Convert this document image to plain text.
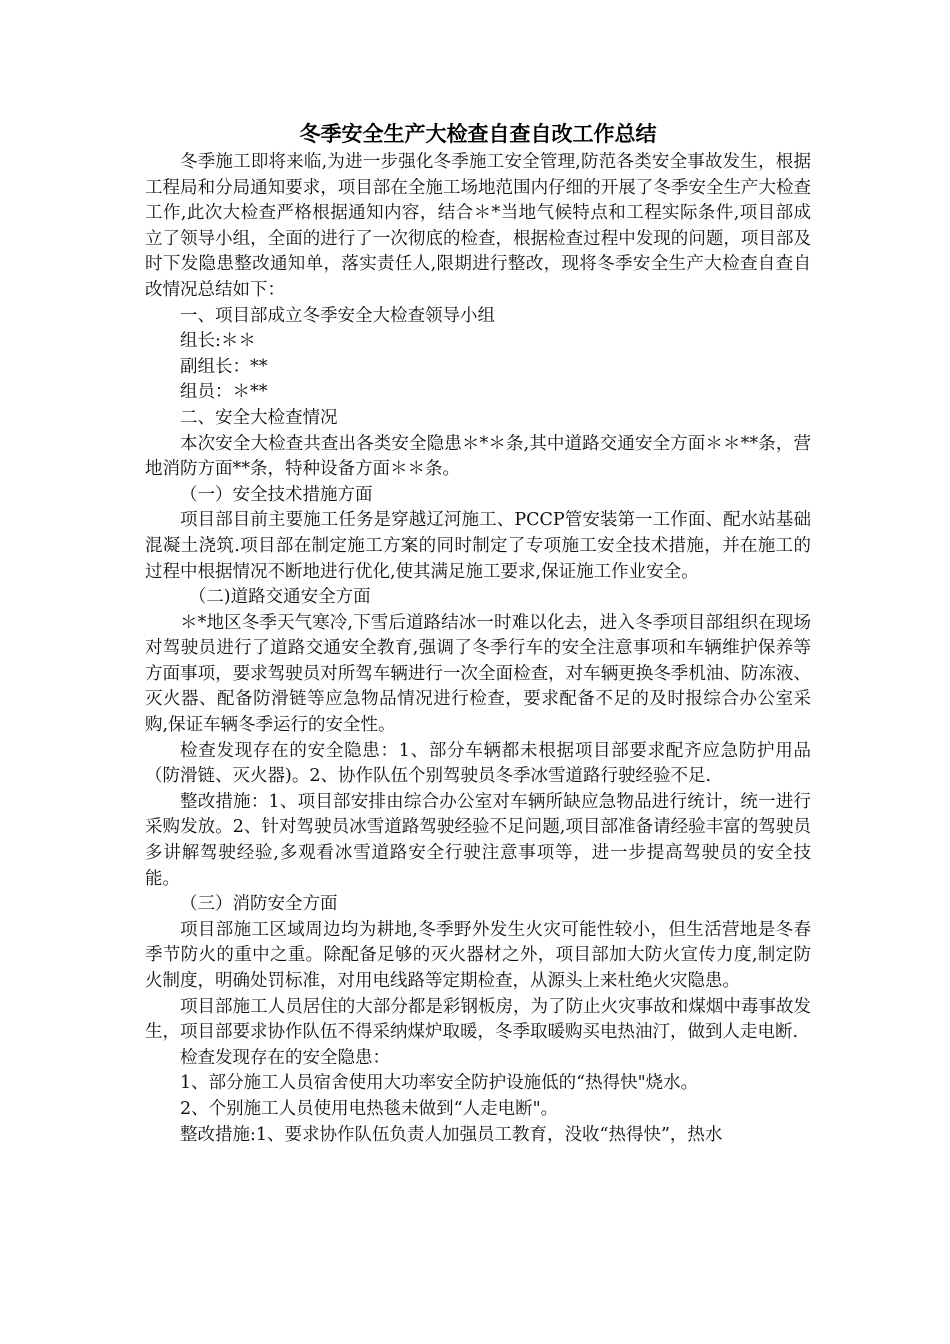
冬季安全生产大检查自查自改工作总结

冬季施工即将来临,为进一步强化冬季施工安全管理,防范各类安全事故发生，根据工程局和分局通知要求，项目部在全施工场地范围内仔细的开展了冬季安全生产大检查工作,此次大检查严格根据通知内容，结合＊*当地气候特点和工程实际条件,项目部成立了领导小组，全面的进行了一次彻底的检查，根据检查过程中发现的问题，项目部及时下发隐患整改通知单，落实责任人,限期进行整改，现将冬季安全生产大检查自查自改情况总结如下：

一、项目部成立冬季安全大检查领导小组

组长:＊＊

副组长：**

组员：＊**

二、安全大检查情况

本次安全大检查共查出各类安全隐患＊*＊条,其中道路交通安全方面＊＊**条，营地消防方面**条，特种设备方面＊＊条。

（一）安全技术措施方面

项目部目前主要施工任务是穿越辽河施工、PCCP管安装第一工作面、配水站基础混凝土浇筑.项目部在制定施工方案的同时制定了专项施工安全技术措施，并在施工的过程中根据情况不断地进行优化,使其满足施工要求,保证施工作业安全。

（二)道路交通安全方面

＊*地区冬季天气寒冷,下雪后道路结冰一时难以化去，进入冬季项目部组织在现场对驾驶员进行了道路交通安全教育,强调了冬季行车的安全注意事项和车辆维护保养等方面事项，要求驾驶员对所驾车辆进行一次全面检查，对车辆更换冬季机油、防冻液、灭火器、配备防滑链等应急物品情况进行检查，要求配备不足的及时报综合办公室采购,保证车辆冬季运行的安全性。

检查发现存在的安全隐患：1、部分车辆都未根据项目部要求配齐应急防护用品（防滑链、灭火器)。2、协作队伍个别驾驶员冬季冰雪道路行驶经验不足.

整改措施：1、项目部安排由综合办公室对车辆所缺应急物品进行统计，统一进行采购发放。2、针对驾驶员冰雪道路驾驶经验不足问题,项目部准备请经验丰富的驾驶员多讲解驾驶经验,多观看冰雪道路安全行驶注意事项等，进一步提高驾驶员的安全技能。

（三）消防安全方面

项目部施工区域周边均为耕地,冬季野外发生火灾可能性较小，但生活营地是冬春季节防火的重中之重。除配备足够的灭火器材之外，项目部加大防火宣传力度,制定防火制度，明确处罚标准，对用电线路等定期检查，从源头上来杜绝火灾隐患。

项目部施工人员居住的大部分都是彩钢板房，为了防止火灾事故和煤烟中毒事故发生，项目部要求协作队伍不得采纳煤炉取暖，冬季取暖购买电热油汀，做到人走电断.

检查发现存在的安全隐患：

1、部分施工人员宿舍使用大功率安全防护设施低的“热得快"烧水。

2、个别施工人员使用电热毯未做到“人走电断"。

整改措施:1、要求协作队伍负责人加强员工教育，没收“热得快”，热水
